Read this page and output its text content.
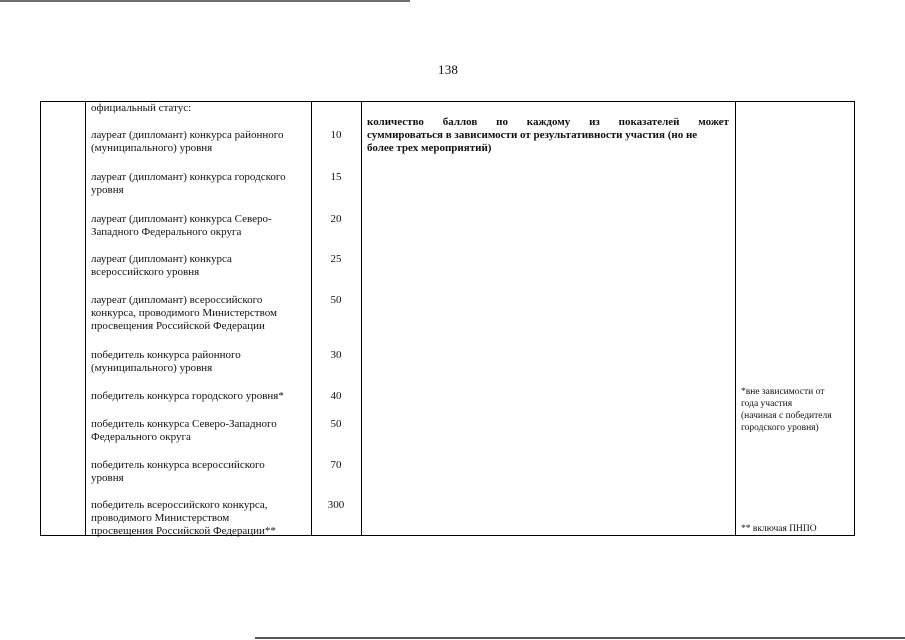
138
официальный статус:
лауреат (дипломант) конкурса районного
(муниципального) уровня
10
лауреат (дипломант) конкурса городского
уровня
15
лауреат (дипломант) конкурса Северо-
Западного Федерального округа
20
лауреат (дипломант) конкурса
всероссийского уровня
25
лауреат (дипломант) всероссийского
конкурса, проводимого Министерством
просвещения Российской Федерации
50
победитель конкурса районного
(муниципального) уровня
30
победитель конкурса городского уровня*	40
победитель конкурса Северо-Западного
Федерального округа
50
победитель конкурса всероссийского
уровня
70
победитель всероссийского конкурса,
проводимого Министерством
просвещения Российской Федерации**
300
количество баллов по каждому из показателей может
суммироваться в зависимости от результативности участия (но не
более трех мероприятий)
*вне зависимости от
года участия
(начиная с победителя
городского уровня)
** включая ПНПО
